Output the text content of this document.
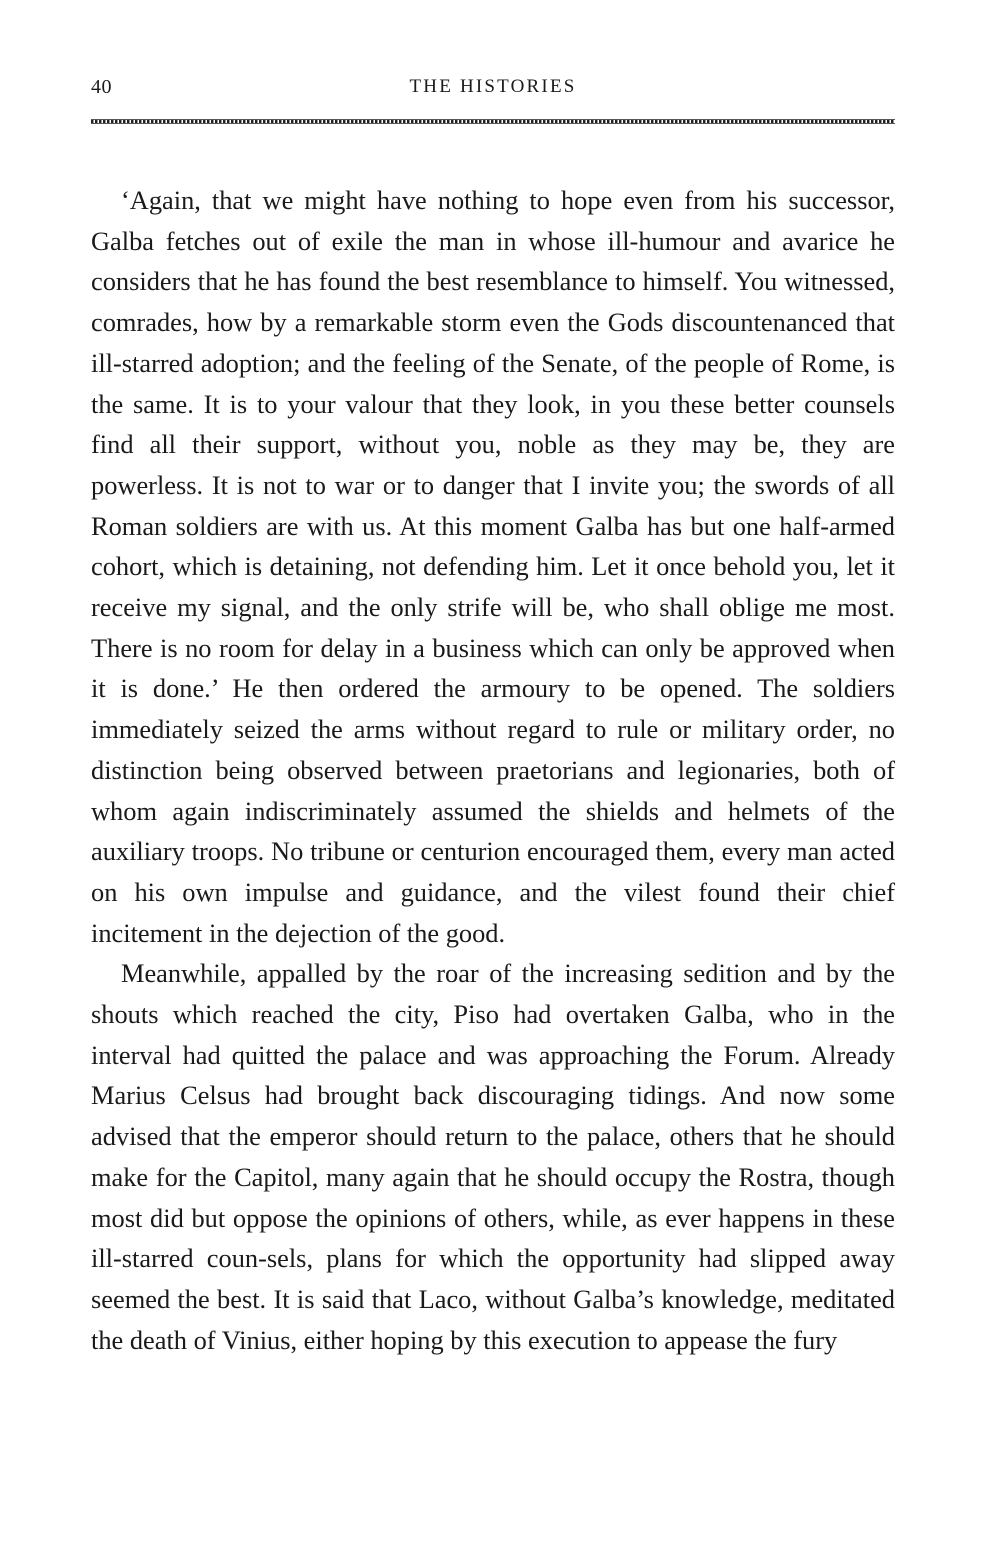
40	THE HISTORIES

‘Again, that we might have nothing to hope even from his successor, Galba fetches out of exile the man in whose ill-humour and avarice he considers that he has found the best resemblance to himself. You witnessed, comrades, how by a remarkable storm even the Gods discountenanced that ill-starred adoption; and the feeling of the Senate, of the people of Rome, is the same. It is to your valour that they look, in you these better counsels find all their support, without you, noble as they may be, they are powerless. It is not to war or to danger that I invite you; the swords of all Roman soldiers are with us. At this moment Galba has but one half-armed cohort, which is detaining, not defending him. Let it once behold you, let it receive my signal, and the only strife will be, who shall oblige me most. There is no room for delay in a business which can only be approved when it is done.’ He then ordered the armoury to be opened. The soldiers immediately seized the arms without regard to rule or military order, no distinction being observed between praetorians and legionaries, both of whom again indiscriminately assumed the shields and helmets of the auxiliary troops. No tribune or centurion encouraged them, every man acted on his own impulse and guidance, and the vilest found their chief incitement in the dejection of the good.

Meanwhile, appalled by the roar of the increasing sedition and by the shouts which reached the city, Piso had overtaken Galba, who in the interval had quitted the palace and was approaching the Forum. Already Marius Celsus had brought back discouraging tidings. And now some advised that the emperor should return to the palace, others that he should make for the Capitol, many again that he should occupy the Rostra, though most did but oppose the opinions of others, while, as ever happens in these ill-starred coun-sels, plans for which the opportunity had slipped away seemed the best. It is said that Laco, without Galba’s knowledge, meditated the death of Vinius, either hoping by this execution to appease the fury
